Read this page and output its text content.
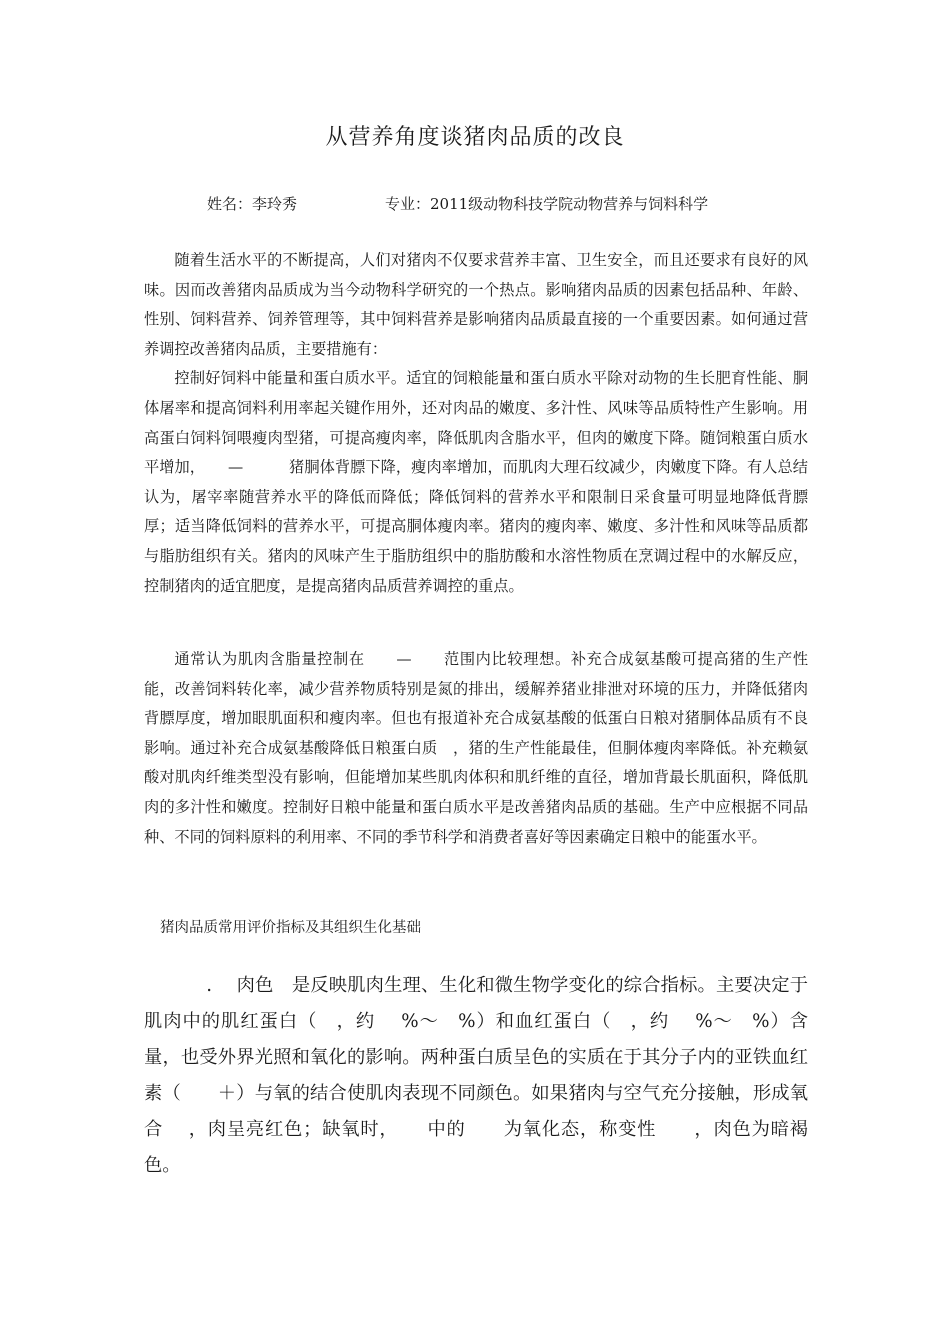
从营养角度谈猪肉品质的改良
姓名：李玲秀	专业：2011级动物科技学院动物营养与饲料科学

随着生活水平的不断提高，人们对猪肉不仅要求营养丰富、卫生安全，而且还要求有良好的风味。因而改善猪肉品质成为当今动物科学研究的一个热点。影响猪肉品质的因素包括品种、年龄、性别、饲料营养、饲养管理等，其中饲料营养是影响猪肉品质最直接的一个重要因素。如何通过营养调控改善猪肉品质，主要措施有：

控制好饲料中能量和蛋白质水平。适宜的饲粮能量和蛋白质水平除对动物的生长肥育性能、胴体屠率和提高饲料利用率起关键作用外，还对肉品的嫩度、多汁性、风味等品质特性产生影响。用高蛋白饲料饲喂瘦肉型猪，可提高瘦肉率，降低肌肉含脂水平，但肉的嫩度下降。随饲粮蛋白质水平增加，　　—　　　猪胴体背膘下降，瘦肉率增加，而肌肉大理石纹减少，肉嫩度下降。有人总结认为，屠宰率随营养水平的降低而降低；降低饲料的营养水平和限制日采食量可明显地降低背膘厚；适当降低饲料的营养水平，可提高胴体瘦肉率。猪肉的瘦肉率、嫩度、多汁性和风味等品质都与脂肪组织有关。猪肉的风味产生于脂肪组织中的脂肪酸和水溶性物质在烹调过程中的水解反应，控制猪肉的适宜肥度，是提高猪肉品质营养调控的重点。

通常认为肌肉含脂量控制在　　—　　范围内比较理想。补充合成氨基酸可提高猪的生产性能，改善饲料转化率，减少营养物质特别是氮的排出，缓解养猪业排泄对环境的压力，并降低猪肉背膘厚度，增加眼肌面积和瘦肉率。但也有报道补充合成氨基酸的低蛋白日粮对猪胴体品质有不良影响。通过补充合成氨基酸降低日粮蛋白质　，猪的生产性能最佳，但胴体瘦肉率降低。补充赖氨酸对肌肉纤维类型没有影响，但能增加某些肌肉体积和肌纤维的直径，增加背最长肌面积，降低肌肉的多汁性和嫩度。控制好日粮中能量和蛋白质水平是改善猪肉品质的基础。生产中应根据不同品种、不同的饲料原料的利用率、不同的季节科学和消费者喜好等因素确定日粮中的能蛋水平。

猪肉品质常用评价指标及其组织生化基础

.　 肉色　是反映肌肉生理、生化和微生物学变化的综合指标。主要决定于肌肉中的肌红蛋白（　，约　 %～　%）和血红蛋白（　，约　 %～　%）含量，也受外界光照和氧化的影响。两种蛋白质呈色的实质在于其分子内的亚铁血红素（　　＋）与氧的结合使肌肉表现不同颜色。如果猪肉与空气充分接触，形成氧合　 ，肉呈亮红色；缺氧时，　　中的　　为氧化态，称变性　　，肉色为暗褐色。
